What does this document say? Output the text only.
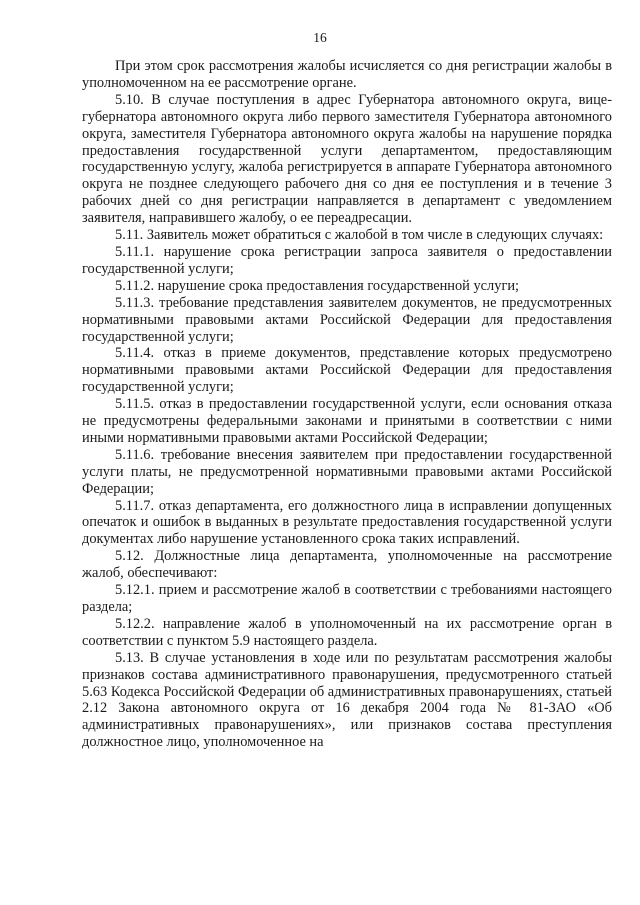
16

При этом срок рассмотрения жалобы исчисляется со дня регистрации жалобы в уполномоченном на ее рассмотрение органе.

5.10. В случае поступления в адрес Губернатора автономного округа, вице-губернатора автономного округа либо первого заместителя Губернатора автономного округа, заместителя Губернатора автономного округа жалобы на нарушение порядка предоставления государственной услуги департаментом, предоставляющим государственную услугу, жалоба регистрируется в аппарате Губернатора автономного округа не позднее следующего рабочего дня со дня ее поступления и в течение 3 рабочих дней со дня регистрации направляется в департамент с уведомлением заявителя, направившего жалобу, о ее переадресации.

5.11. Заявитель может обратиться с жалобой в том числе в следующих случаях:

5.11.1. нарушение срока регистрации запроса заявителя о предоставлении государственной услуги;

5.11.2. нарушение срока предоставления государственной услуги;

5.11.3. требование представления заявителем документов, не предусмотренных нормативными правовыми актами Российской Федерации для предоставления государственной услуги;

5.11.4. отказ в приеме документов, представление которых предусмотрено нормативными правовыми актами Российской Федерации для предоставления государственной услуги;

5.11.5. отказ в предоставлении государственной услуги, если основания отказа не предусмотрены федеральными законами и принятыми в соответствии с ними иными нормативными правовыми актами Российской Федерации;

5.11.6. требование внесения заявителем при предоставлении государственной услуги платы, не предусмотренной нормативными правовыми актами Российской Федерации;

5.11.7. отказ департамента, его должностного лица в исправлении допущенных опечаток и ошибок в выданных в результате предоставления государственной услуги документах либо нарушение установленного срока таких исправлений.

5.12. Должностные лица департамента, уполномоченные на рассмотрение жалоб, обеспечивают:

5.12.1. прием и рассмотрение жалоб в соответствии с требованиями настоящего раздела;

5.12.2. направление жалоб в уполномоченный на их рассмотрение орган в соответствии с пунктом 5.9 настоящего раздела.

5.13. В случае установления в ходе или по результатам рассмотрения жалобы признаков состава административного правонарушения, предусмотренного статьей 5.63 Кодекса Российской Федерации об административных правонарушениях, статьей 2.12 Закона автономного округа от 16 декабря 2004 года № 81-ЗАО «Об административных правонарушениях», или признаков состава преступления должностное лицо, уполномоченное на
